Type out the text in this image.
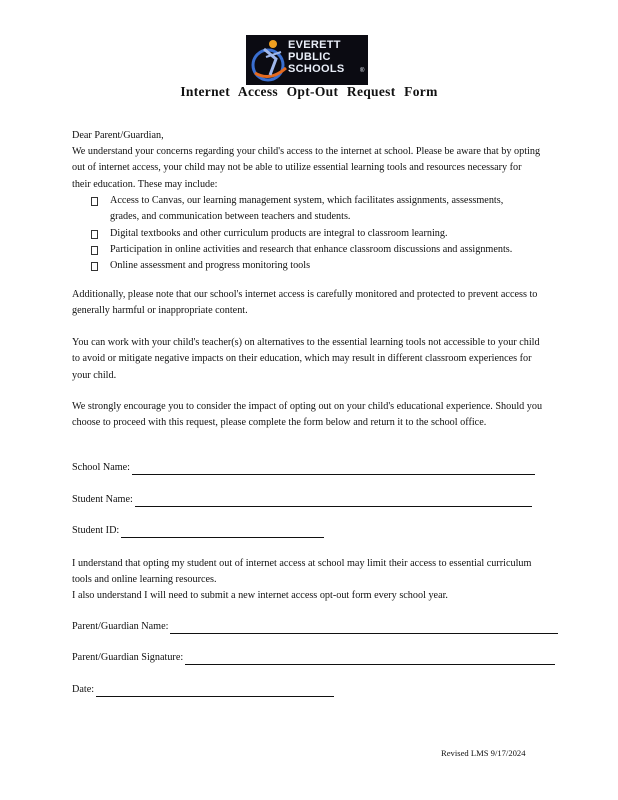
EVERETT
PUBLIC
SCHOOLS	®
Internet Access Opt-Out Request Form
Dear Parent/Guardian,
We understand your concerns regarding your child's access to the internet at school. Please be aware that by opting out of internet access, your child may not be able to utilize essential learning tools and resources necessary for their education. These may include:
Access to Canvas, our learning management system, which facilitates assignments, assessments, grades, and communication between teachers and students.
Digital textbooks and other curriculum products are integral to classroom learning.
Participation in online activities and research that enhance classroom discussions and assignments.
Online assessment and progress monitoring tools
Additionally, please note that our school's internet access is carefully monitored and protected to prevent access to generally harmful or inappropriate content.
You can work with your child's teacher(s) on alternatives to the essential learning tools not accessible to your child to avoid or mitigate negative impacts on their education, which may result in different classroom experiences for your child.
We strongly encourage you to consider the impact of opting out on your child's educational experience. Should you choose to proceed with this request, please complete the form below and return it to the school office.
School Name:
Student Name:
Student ID:
I understand that opting my student out of internet access at school may limit their access to essential curriculum tools and online learning resources.
I also understand I will need to submit a new internet access opt-out form every school year.
Parent/Guardian Name:
Parent/Guardian Signature:
Date:
Revised LMS 9/17/2024
